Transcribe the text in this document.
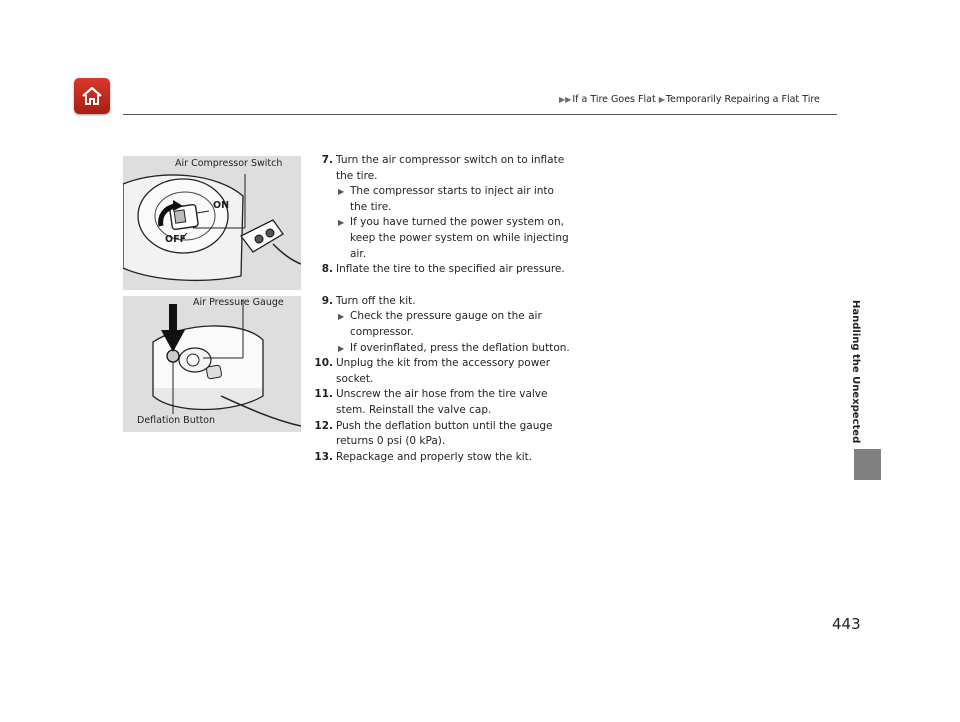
▶▶If a Tire Goes Flat ▶Temporarily Repairing a Flat Tire
Handling the Unexpected
Air Compressor Switch
ON
OFF
Air Pressure Gauge
Deflation Button
7. Turn the air compressor switch on to inflate the tire.
▶ The compressor starts to inject air into the tire.
▶ If you have turned the power system on, keep the power system on while injecting air.
8. Inflate the tire to the specified air pressure.
9. Turn off the kit.
▶ Check the pressure gauge on the air compressor.
▶ If overinflated, press the deflation button.
10. Unplug the kit from the accessory power socket.
11. Unscrew the air hose from the tire valve stem. Reinstall the valve cap.
12. Push the deflation button until the gauge returns 0 psi (0 kPa).
13. Repackage and properly stow the kit.
443
